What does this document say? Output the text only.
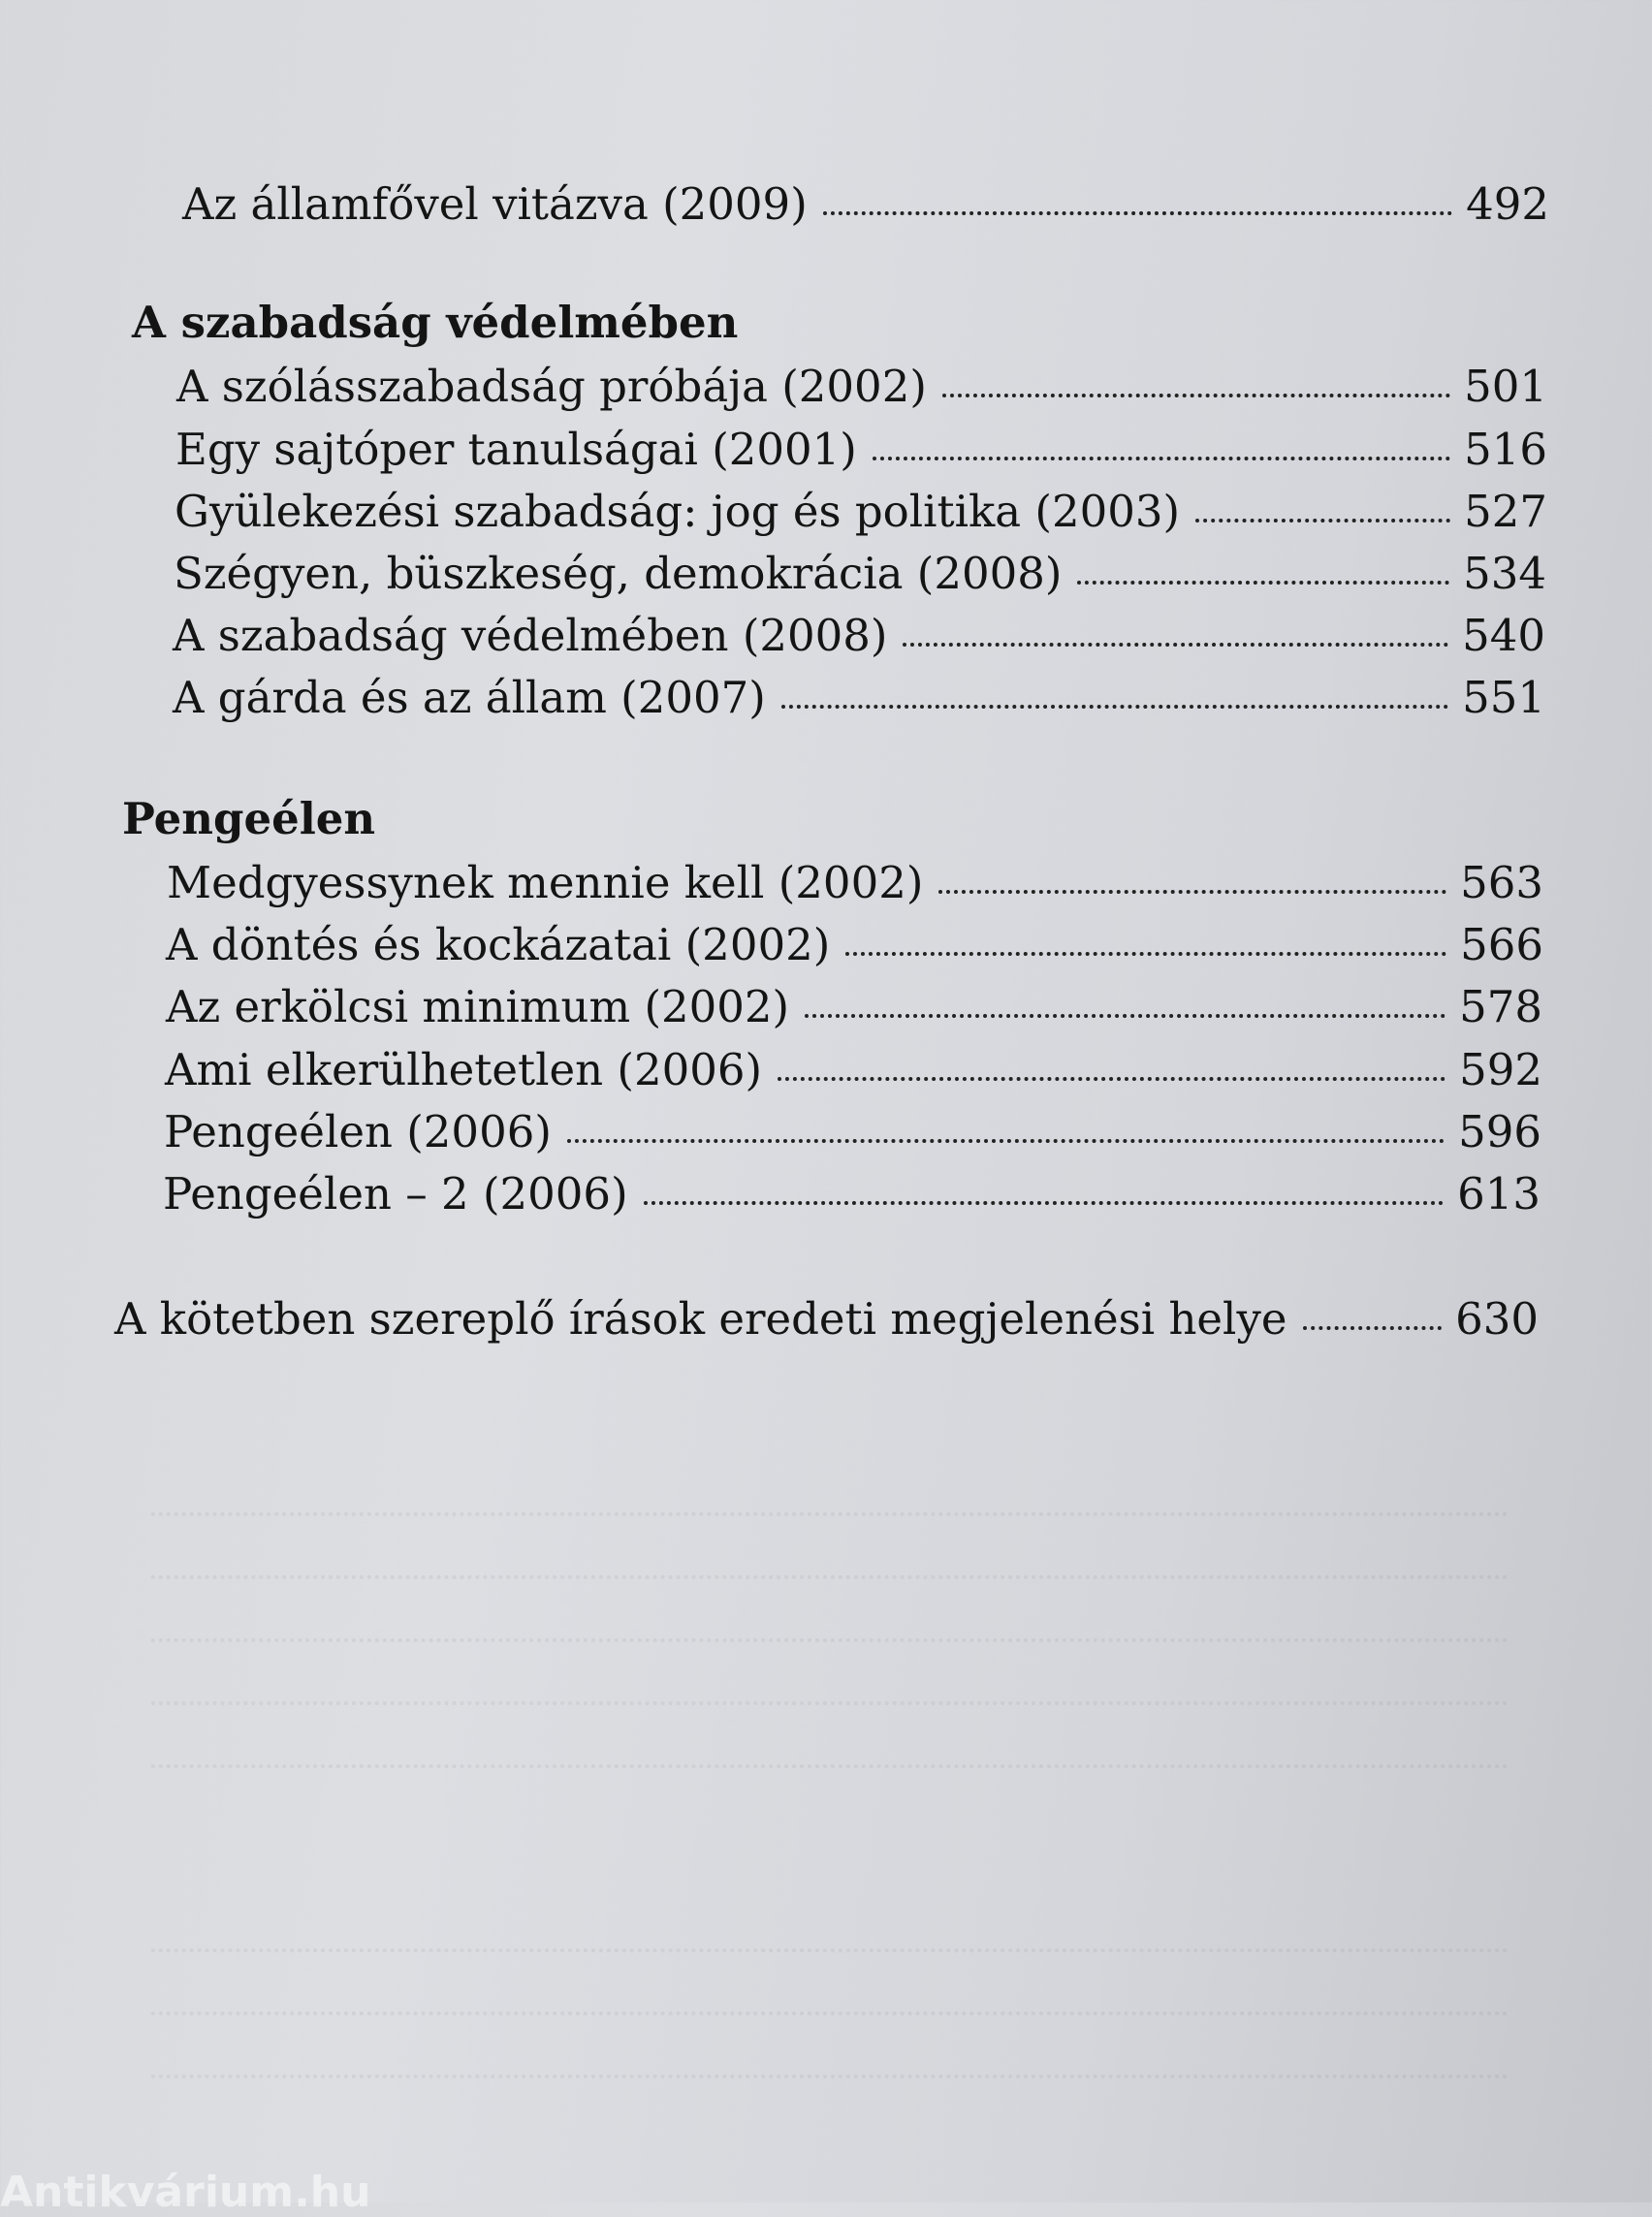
Az államfővel vitázva (2009)	492
A szabadság védelmében
A szólásszabadság próbája (2002)	501
Egy sajtóper tanulságai (2001)	516
Gyülekezési szabadság: jog és politika (2003)	527
Szégyen, büszkeség, demokrácia (2008)	534
A szabadság védelmében (2008)	540
A gárda és az állam (2007)	551
Pengeélen
Medgyessynek mennie kell (2002)	563
A döntés és kockázatai (2002)	566
Az erkölcsi minimum (2002)	578
Ami elkerülhetetlen (2006)	592
Pengeélen (2006)	596
Pengeélen – 2 (2006)	613
A kötetben szereplő írások eredeti megjelenési helye	630
Antikvárium.hu
